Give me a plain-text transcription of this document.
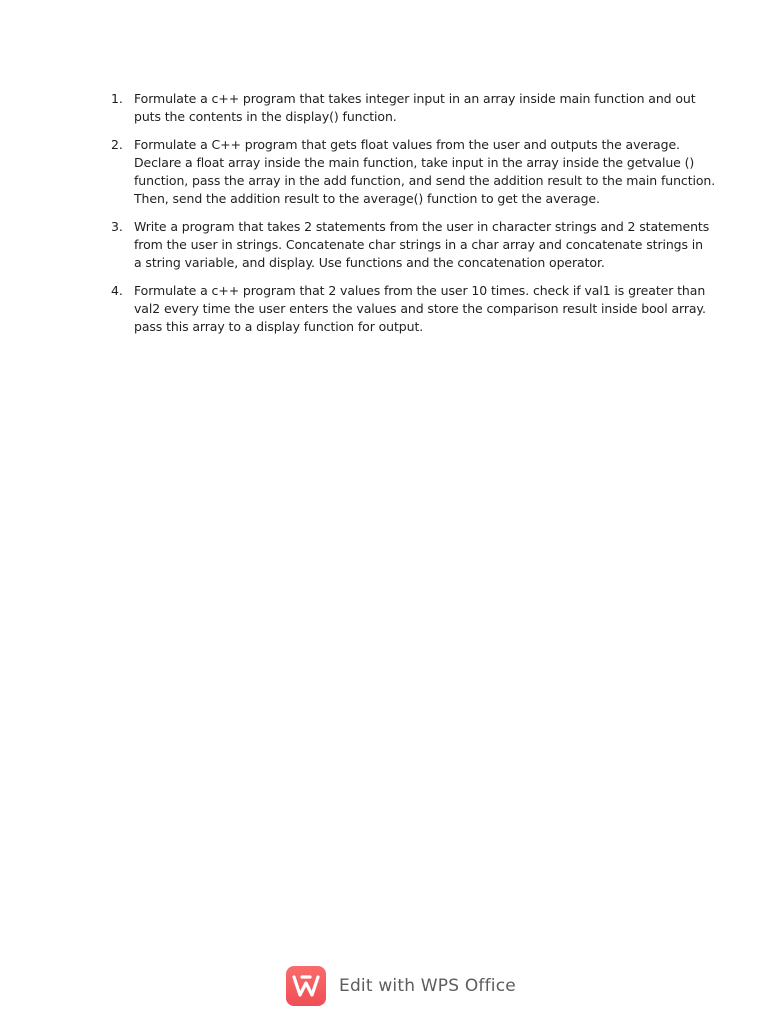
1. Formulate a c++ program that takes integer input in an array inside main function and out
puts the contents in the display() function.
2. Formulate a C++ program that gets float values from the user and outputs the average.
Declare a float array inside the main function, take input in the array inside the getvalue ()
function, pass the array in the add function, and send the addition result to the main function.
Then, send the addition result to the average() function to get the average.
3. Write a program that takes 2 statements from the user in character strings and 2 statements
from the user in strings. Concatenate char strings in a char array and concatenate strings in
a string variable, and display. Use functions and the concatenation operator.
4. Formulate a c++ program that 2 values from the user 10 times. check if val1 is greater than
val2 every time the user enters the values and store the comparison result inside bool array.
pass this array to a display function for output.
Edit with WPS Office
